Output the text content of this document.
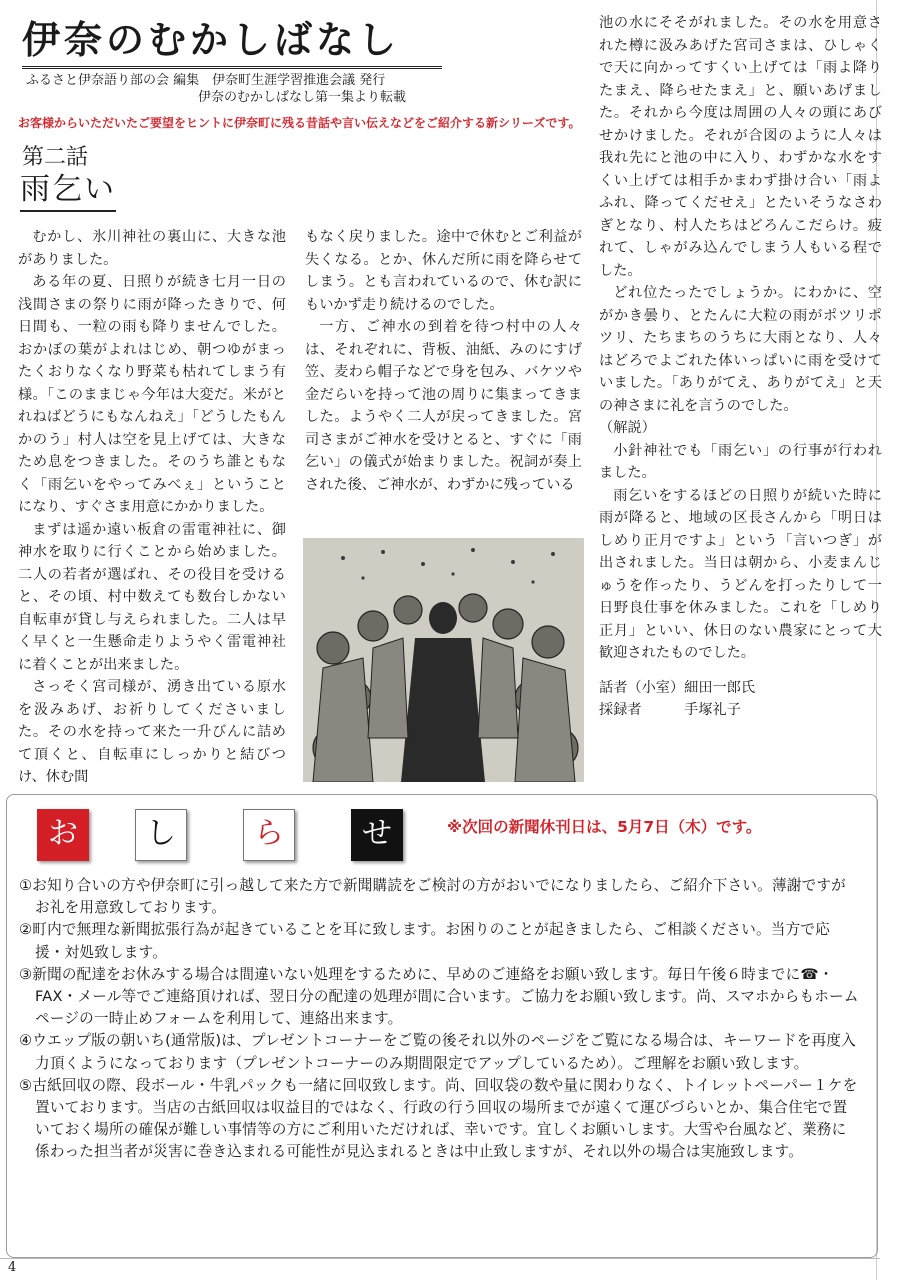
伊奈のむかしばなし
ふるさと伊奈語り部の会 編集　伊奈町生涯学習推進会議 発行
伊奈のむかしばなし第一集より転載
お客様からいただいたご要望をヒントに伊奈町に残る昔話や言い伝えなどをご紹介する新シリーズです。
第二話
雨乞い

むかし、氷川神社の裏山に、大きな池がありました。

ある年の夏、日照りが続き七月一日の浅間さまの祭りに雨が降ったきりで、何日間も、一粒の雨も降りませんでした。おかぼの葉がよれはじめ、朝つゆがまったくおりなくなり野菜も枯れてしまう有様。「このままじゃ今年は大変だ。米がとれねばどうにもなんねえ」「どうしたもんかのう」村人は空を見上げては、大きなため息をつきました。そのうち誰ともなく「雨乞いをやってみべぇ」ということになり、すぐさま用意にかかりました。

まずは遥か遠い板倉の雷電神社に、御神水を取りに行くことから始めました。二人の若者が選ばれ、その役目を受けると、その頃、村中数えても数台しかない自転車が貸し与えられました。二人は早く早くと一生懸命走りようやく雷電神社に着くことが出来ました。

さっそく宮司様が、湧き出ている原水を汲みあげ、お祈りしてくださいました。その水を持って来た一升びんに詰めて頂くと、自転車にしっかりと結びつけ、休む間

もなく戻りました。途中で休むとご利益が失くなる。とか、休んだ所に雨を降らせてしまう。とも言われているので、休む訳にもいかず走り続けるのでした。

一方、ご神水の到着を待つ村中の人々は、それぞれに、背板、油紙、みのにすげ笠、麦わら帽子などで身を包み、バケツや金だらいを持って池の周りに集まってきました。ようやく二人が戻ってきました。宮司さまがご神水を受けとると、すぐに「雨乞い」の儀式が始まりました。祝詞が奏上された後、ご神水が、わずかに残っている

池の水にそそがれました。その水を用意された樽に汲みあげた宮司さまは、ひしゃくで天に向かってすくい上げては「雨よ降りたまえ、降らせたまえ」と、願いあげました。それから今度は周囲の人々の頭にあびせかけました。それが合図のように人々は我れ先にと池の中に入り、わずかな水をすくい上げては相手かまわず掛け合い「雨よふれ、降ってくだせえ」とたいそうなさわぎとなり、村人たちはどろんこだらけ。疲れて、しゃがみ込んでしまう人もいる程でした。

どれ位たったでしょうか。にわかに、空がかき曇り、とたんに大粒の雨がポツリポツリ、たちまちのうちに大雨となり、人々はどろでよごれた体いっぱいに雨を受けていました。「ありがてえ、ありがてえ」と天の神さまに礼を言うのでした。

（解説）

小針神社でも「雨乞い」の行事が行われました。

雨乞いをするほどの日照りが続いた時に雨が降ると、地域の区長さんから「明日はしめり正月ですよ」という「言いつぎ」が出されました。当日は朝から、小麦まんじゅうを作ったり、うどんを打ったりして一日野良仕事を休みました。これを「しめり正月」といい、休日のない農家にとって大歓迎されたものでした。

話者（小室）細田一郎氏
採録者　　　手塚礼子
お	し	ら	せ	※次回の新聞休刊日は、5月7日（木）です。

①お知り合いの方や伊奈町に引っ越して来た方で新聞購読をご検討の方がおいでになりましたら、ご紹介下さい。薄謝ですがお礼を用意致しております。

②町内で無理な新聞拡張行為が起きていることを耳に致します。お困りのことが起きましたら、ご相談ください。当方で応援・対処致します。

③新聞の配達をお休みする場合は間違いない処理をするために、早めのご連絡をお願い致します。毎日午後６時までに☎・FAX・メール等でご連絡頂ければ、翌日分の配達の処理が間に合います。ご協力をお願い致します。尚、スマホからもホームページの一時止めフォームを利用して、連絡出来ます。

④ウエップ版の朝いち(通常版)は、プレゼントコーナーをご覧の後それ以外のページをご覧になる場合は、キーワードを再度入力頂くようになっております（プレゼントコーナーのみ期間限定でアップしているため）。ご理解をお願い致します。

⑤古紙回収の際、段ボール・牛乳パックも一緒に回収致します。尚、回収袋の数や量に関わりなく、トイレットペーパー１ケを置いております。当店の古紙回収は収益目的ではなく、行政の行う回収の場所までが遠くて運びづらいとか、集合住宅で置いておく場所の確保が難しい事情等の方にご利用いただければ、幸いです。宜しくお願いします。大雪や台風など、業務に係わった担当者が災害に巻き込まれる可能性が見込まれるときは中止致しますが、それ以外の場合は実施致します。

4
